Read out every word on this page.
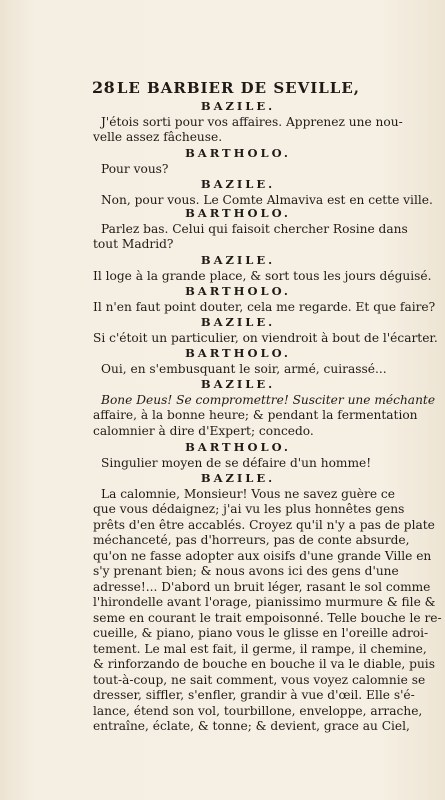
28 LE BARBIER DE SEVILLE,
BAZILE.
J'étois sorti pour vos affaires. Apprenez une nou-
velle assez fâcheuse.
BARTHOLO.
Pour vous?
BAZILE.
Non, pour vous. Le Comte Almaviva est en cette ville.
BARTHOLO.
Parlez bas. Celui qui faisoit chercher Rosine dans
tout Madrid?
BAZILE.
Il loge à la grande place, & sort tous les jours déguisé.
BARTHOLO.
Il n'en faut point douter, cela me regarde. Et que faire?
BAZILE.
Si c'étoit un particulier, on viendroit à bout de l'écarter.
BARTHOLO.
Oui, en s'embusquant le soir, armé, cuirassé...
BAZILE.
Bone Deus! Se compromettre! Susciter une méchante
affaire, à la bonne heure; & pendant la fermentation
calomnier à dire d'Expert; concedo.
BARTHOLO.
Singulier moyen de se défaire d'un homme!
BAZILE.
La calomnie, Monsieur! Vous ne savez guère ce
que vous dédaignez; j'ai vu les plus honnêtes gens
prêts d'en être accablés. Croyez qu'il n'y a pas de plate
méchanceté, pas d'horreurs, pas de conte absurde,
qu'on ne fasse adopter aux oisifs d'une grande Ville en
s'y prenant bien; & nous avons ici des gens d'une
adresse!... D'abord un bruit léger, rasant le sol comme
l'hirondelle avant l'orage, pianissimo murmure & file &
seme en courant le trait empoisonné. Telle bouche le re-
cueille, & piano, piano vous le glisse en l'oreille adroi-
tement. Le mal est fait, il germe, il rampe, il chemine,
& rinforzando de bouche en bouche il va le diable, puis
tout-à-coup, ne sait comment, vous voyez calomnie se
dresser, siffler, s'enfler, grandir à vue d'œil. Elle s'é-
lance, étend son vol, tourbillone, enveloppe, arrache,
entraîne, éclate, & tonne; & devient, grace au Ciel,
